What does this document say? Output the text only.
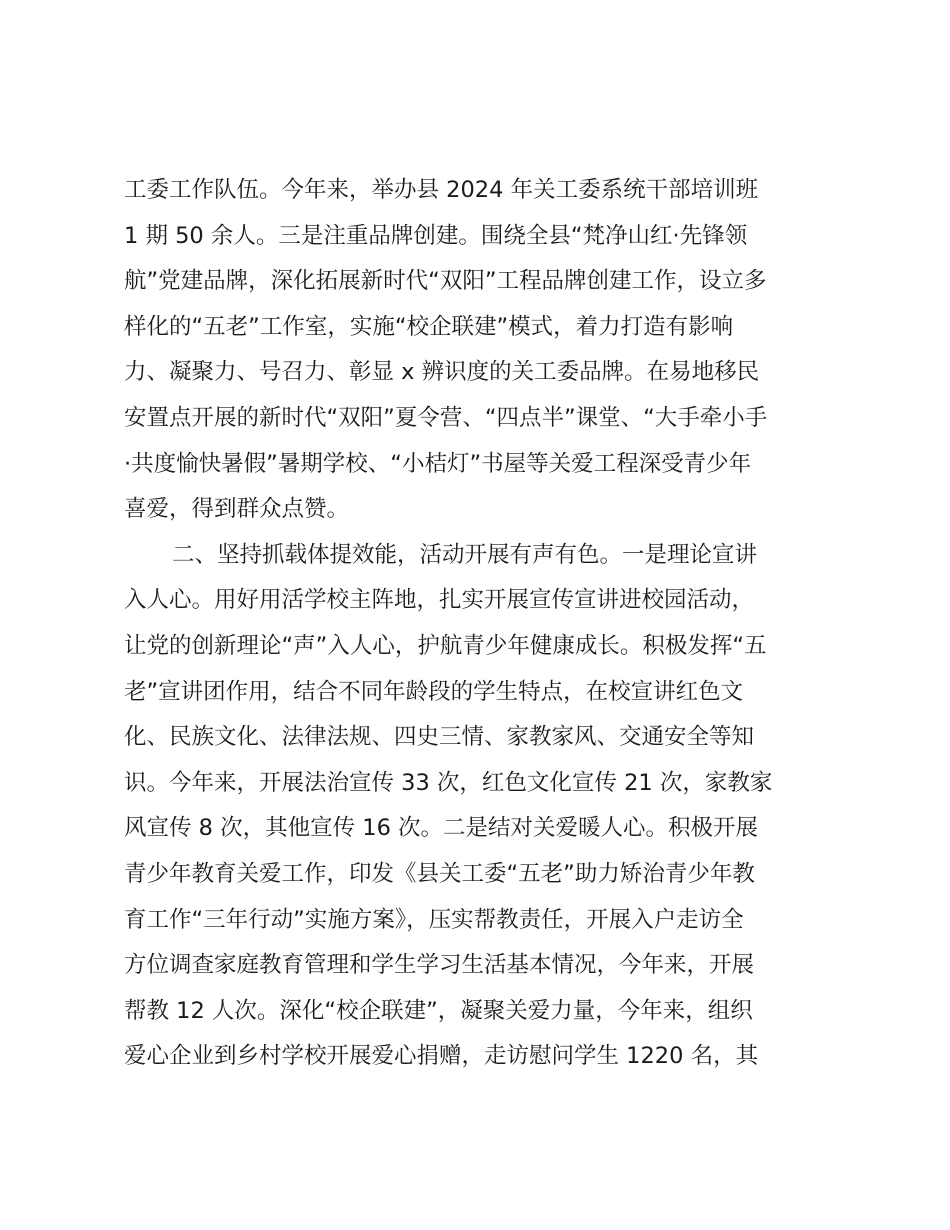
工委工作队伍。今年来，举办县 2024 年关工委系统干部培训班
1 期 50 余人。三是注重品牌创建。围绕全县“梵净山红·先锋领
航”党建品牌，深化拓展新时代“双阳”工程品牌创建工作，设立多
样化的“五老”工作室，实施“校企联建”模式，着力打造有影响
力、凝聚力、号召力、彰显 x 辨识度的关工委品牌。在易地移民
安置点开展的新时代“双阳”夏令营、“四点半”课堂、“大手牵小手
·共度愉快暑假”暑期学校、“小桔灯”书屋等关爱工程深受青少年
喜爱，得到群众点赞。
二、坚持抓载体提效能，活动开展有声有色。一是理论宣讲
入人心。用好用活学校主阵地，扎实开展宣传宣讲进校园活动，
让党的创新理论“声”入人心，护航青少年健康成长。积极发挥“五
老”宣讲团作用，结合不同年龄段的学生特点，在校宣讲红色文
化、民族文化、法律法规、四史三情、家教家风、交通安全等知
识。今年来，开展法治宣传 33 次，红色文化宣传 21 次，家教家
风宣传 8 次，其他宣传 16 次。二是结对关爱暖人心。积极开展
青少年教育关爱工作，印发《县关工委“五老”助力矫治青少年教
育工作“三年行动”实施方案》，压实帮教责任，开展入户走访全
方位调查家庭教育管理和学生学习生活基本情况，今年来，开展
帮教 12 人次。深化“校企联建”，凝聚关爱力量，今年来，组织
爱心企业到乡村学校开展爱心捐赠，走访慰问学生 1220 名，其
